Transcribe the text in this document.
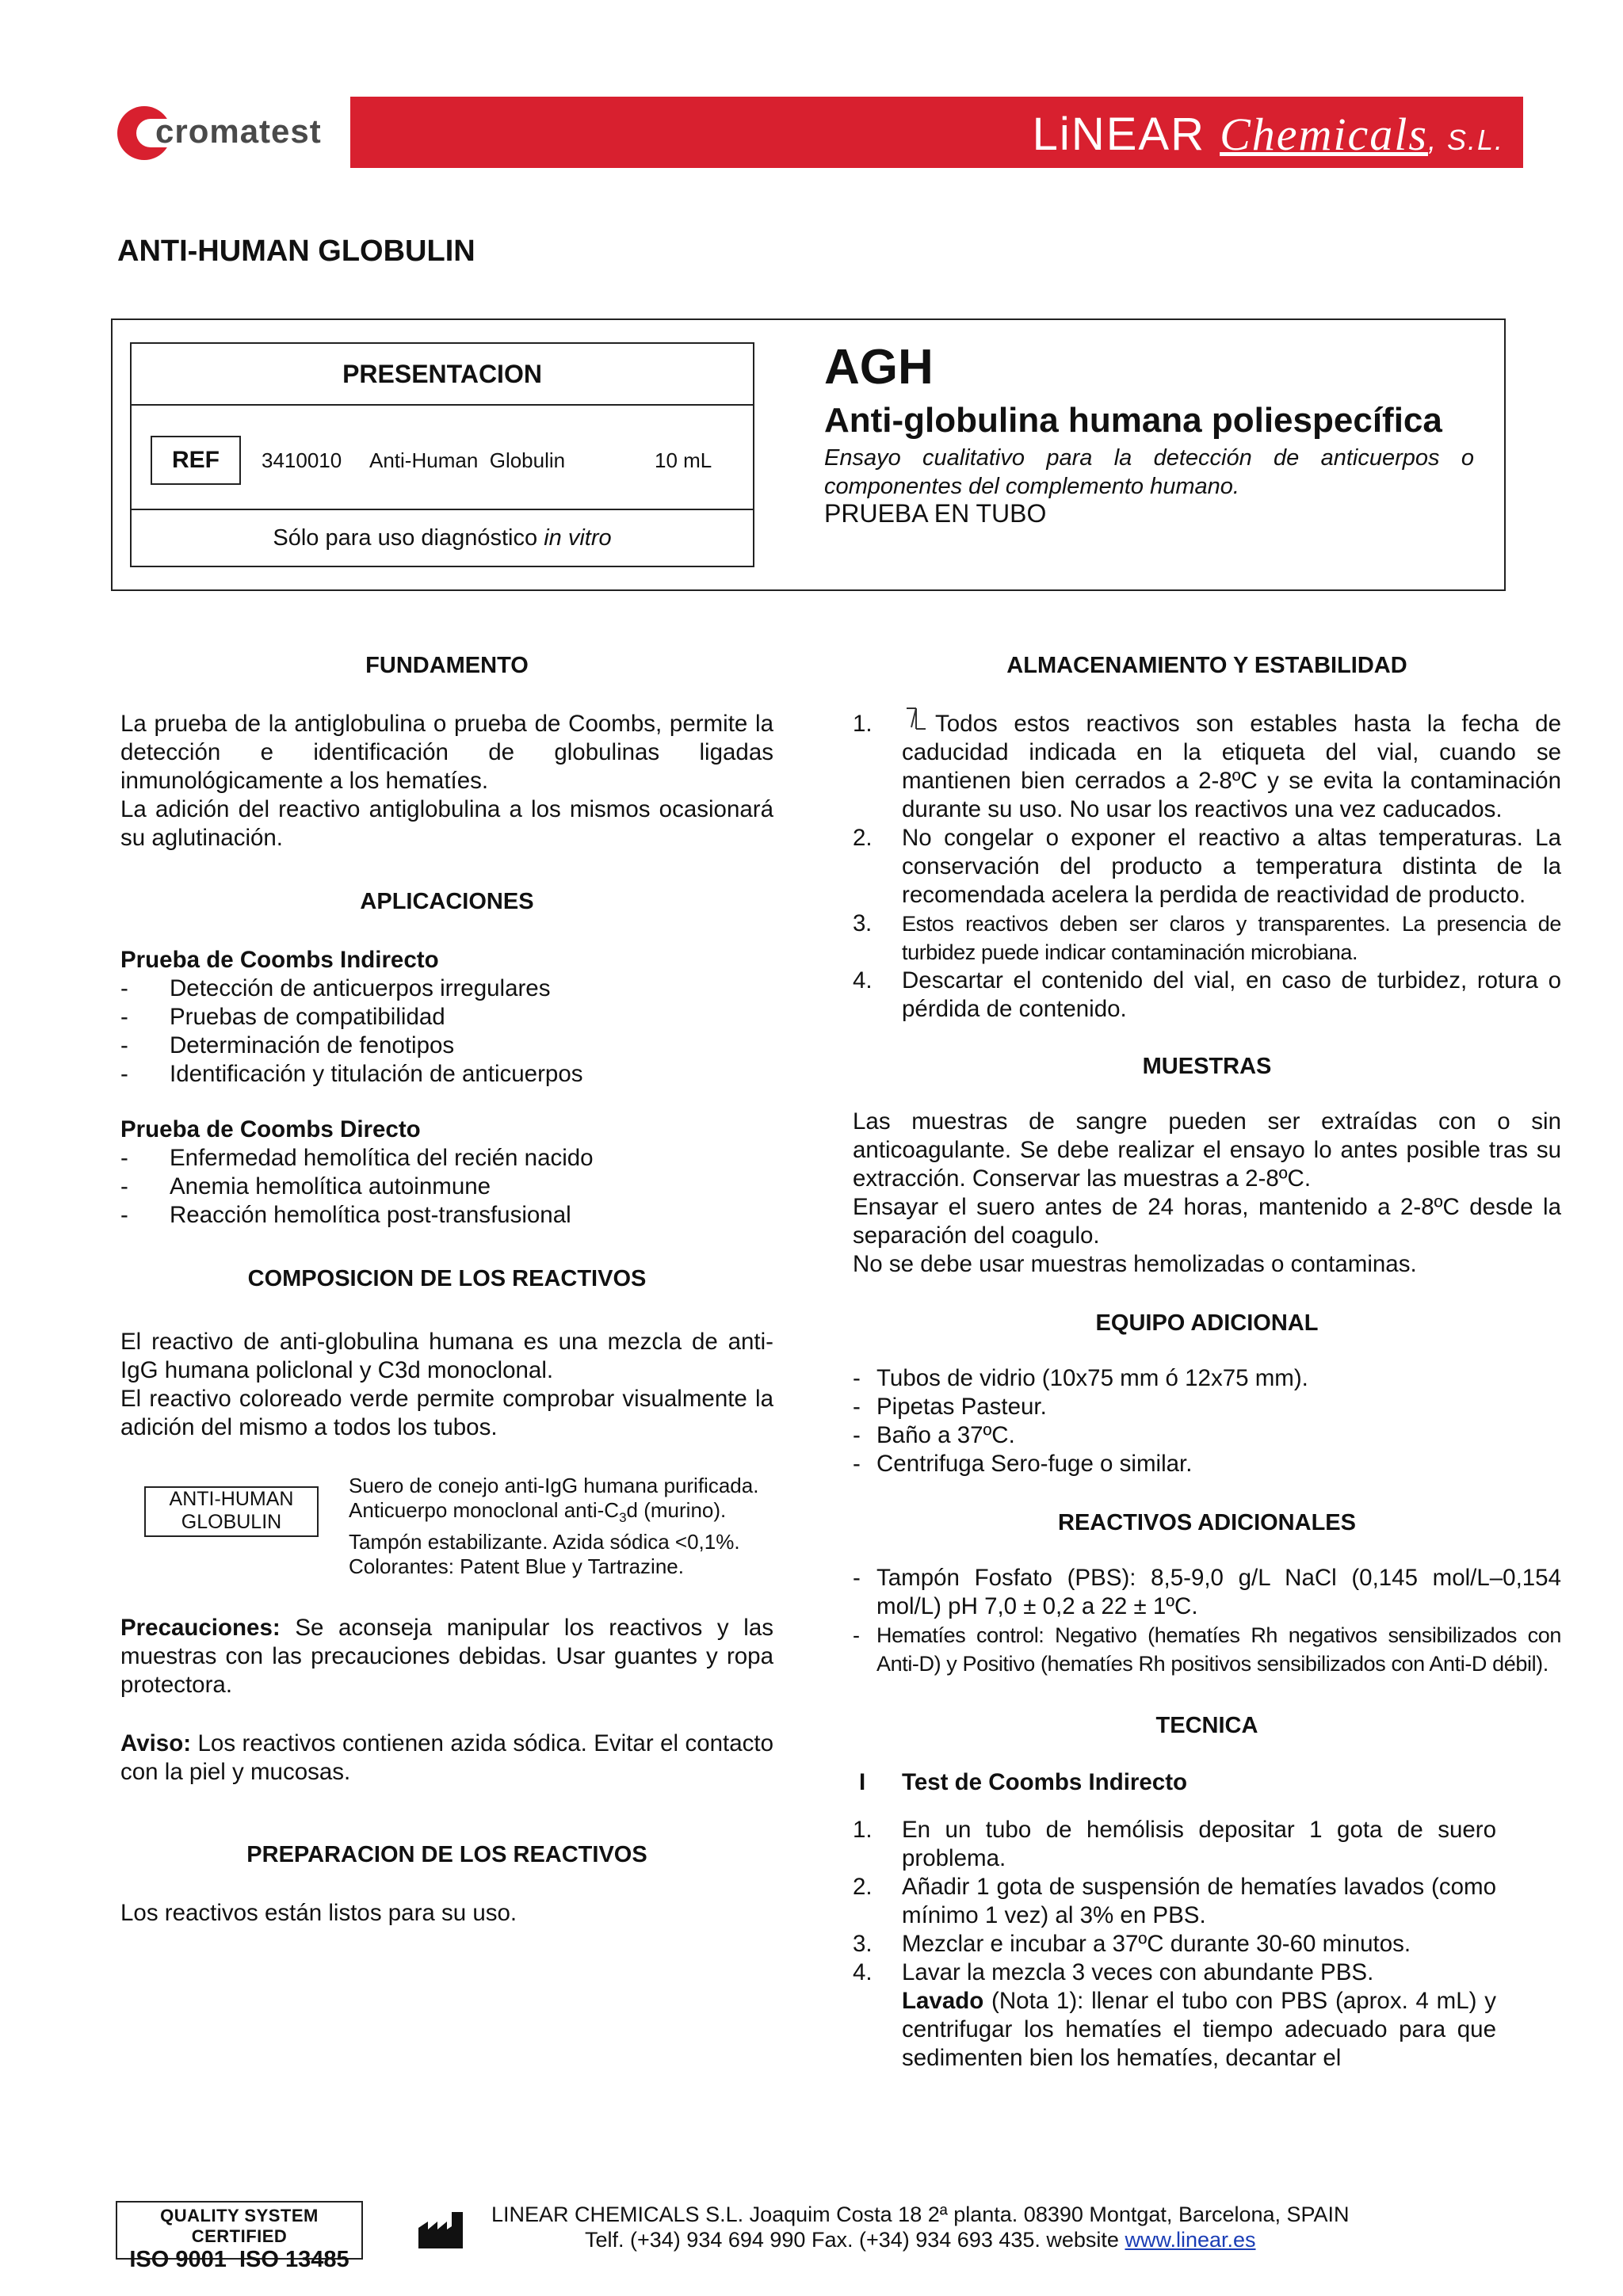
cromatest	LiNEAR Chemicals, S.L.
ANTI-HUMAN GLOBULIN
PRESENTACION
REF	3410010 Anti-Human  Globulin	10 mL
Sólo para uso diagnóstico in vitro
AGH
Anti-globulina humana poliespecífica
Ensayo cualitativo para la detección de anticuerpos o componentes del complemento humano.
PRUEBA EN TUBO
FUNDAMENTO
La prueba de la antiglobulina o prueba de Coombs, permite la detección e identificación de globulinas ligadas inmunológicamente a los hematíes.
La adición del reactivo antiglobulina a los mismos ocasionará su aglutinación.
APLICACIONES
Prueba de Coombs Indirecto
- Detección de anticuerpos irregulares
- Pruebas de compatibilidad
- Determinación de fenotipos
- Identificación y titulación de anticuerpos
Prueba de Coombs Directo
- Enfermedad hemolítica del recién nacido
- Anemia hemolítica autoinmune
- Reacción hemolítica post-transfusional
COMPOSICION DE LOS REACTIVOS
El reactivo de anti-globulina humana es una mezcla de anti-IgG humana policlonal y C3d monoclonal.
El reactivo coloreado verde permite comprobar visualmente la adición del mismo a todos los tubos.
Suero de conejo anti-IgG humana purificada.
Anticuerpo monoclonal anti-$C_3d$ (murino).
Tampón estabilizante. Azida sódica <0,1%.
Colorantes: Patent Blue y Tartrazine.
Precauciones: Se aconseja manipular los reactivos y las muestras con las precauciones debidas. Usar guantes y ropa protectora.
Aviso: Los reactivos contienen azida sódica. Evitar el contacto con la piel y mucosas.
PREPARACION DE LOS REACTIVOS
Los reactivos están listos para su uso.
ANTI-HUMAN
GLOBULIN
ALMACENAMIENTO Y ESTABILIDAD
1.	Todos estos reactivos son estables hasta la fecha de caducidad indicada en la etiqueta del vial, cuando se mantienen bien cerrados a 2-8ºC y se evita la contaminación durante su uso. No usar los reactivos una vez caducados.
2. No congelar o exponer el reactivo a altas temperaturas. La conservación del producto a temperatura distinta de la recomendada acelera la perdida de reactividad de producto.
3. Estos reactivos deben ser claros y transparentes. La presencia de turbidez puede indicar contaminación microbiana.
4. Descartar el contenido del vial, en caso de turbidez, rotura o pérdida de contenido.
MUESTRAS
Las muestras de sangre pueden ser extraídas con o sin anticoagulante. Se debe realizar el ensayo lo antes posible tras su extracción. Conservar las muestras a 2-8ºC.
Ensayar el suero antes de 24 horas, mantenido a 2-8ºC desde la separación del coagulo.
No se debe usar muestras hemolizadas o contaminas.
EQUIPO ADICIONAL
- Tubos de vidrio (10x75 mm ó 12x75 mm).
- Pipetas Pasteur.
- Baño a 37ºC.
- Centrifuga Sero-fuge o similar.
REACTIVOS ADICIONALES
- Tampón Fosfato (PBS): 8,5-9,0 g/L NaCl (0,145 mol/L–0,154 mol/L) pH 7,0 ± 0,2 a 22 ± 1ºC.
- Hematíes control: Negativo (hematíes Rh negativos sensibilizados con Anti-D) y Positivo (hematíes Rh positivos sensibilizados con Anti-D débil).
TECNICA
I Test de Coombs Indirecto
1. En un tubo de hemólisis depositar 1 gota de suero problema.
2. Añadir 1 gota de suspensión de hematíes lavados (como mínimo 1 vez) al 3% en PBS.
3. Mezclar e incubar a 37ºC durante 30-60 minutos.
4. Lavar la mezcla 3 veces con abundante PBS.
Lavado (Nota 1): llenar el tubo con PBS (aprox. 4 mL) y centrifugar los hematíes el tiempo adecuado para que sedimenten bien los hematíes, decantar el
QUALITY SYSTEM CERTIFIED
ISO 9001  ISO 13485
LINEAR CHEMICALS S.L. Joaquim Costa 18 2ª planta. 08390 Montgat, Barcelona, SPAIN
Telf. (+34) 934 694 990 Fax. (+34) 934 693 435. website www.linear.es
